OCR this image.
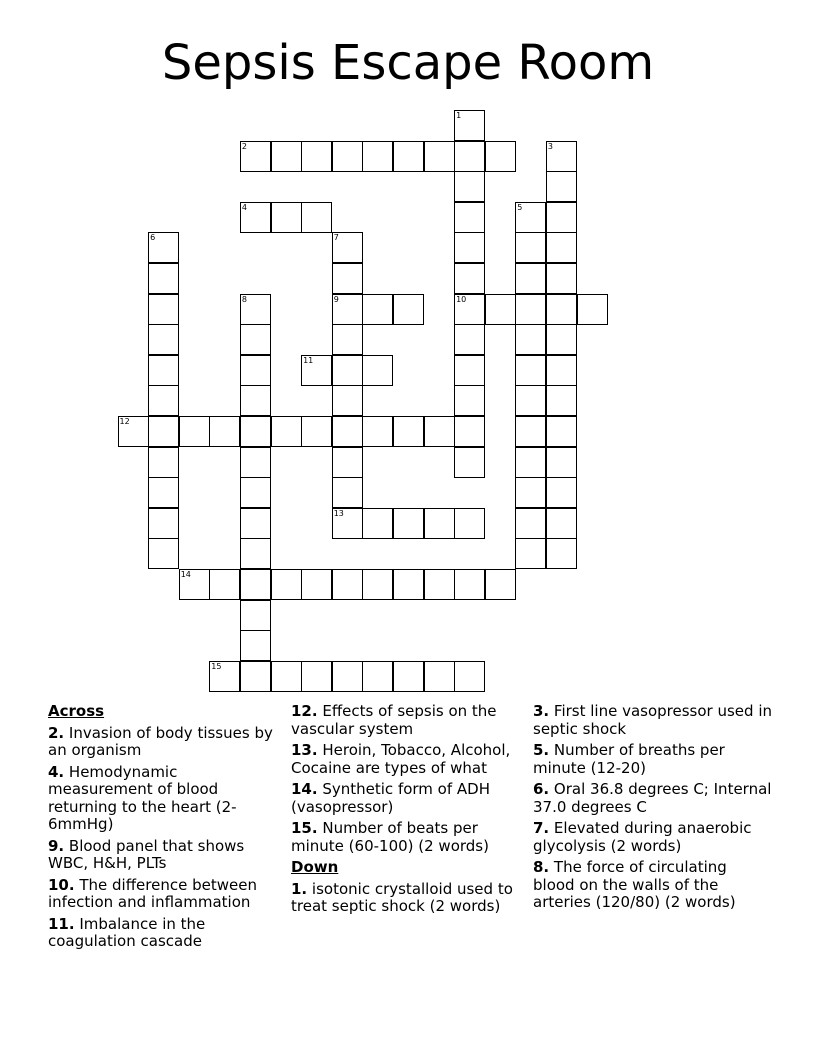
Sepsis Escape Room
1
2	3
4	5
6	7
8	9	10
11
12
13
14
15
Across
2. Invasion of body tissues by an organism
4. Hemodynamic measurement of blood returning to the heart (2-6mmHg)
9. Blood panel that shows WBC, H&H, PLTs
10. The difference between infection and inflammation
11. Imbalance in the coagulation cascade
12. Effects of sepsis on the vascular system
13. Heroin, Tobacco, Alcohol, Cocaine are types of what
14. Synthetic form of ADH (vasopressor)
15. Number of beats per minute (60-100) (2 words)
Down
1. isotonic crystalloid used to treat septic shock (2 words)
3. First line vasopressor used in septic shock
5. Number of breaths per minute (12-20)
6. Oral 36.8 degrees C; Internal 37.0 degrees C
7. Elevated during anaerobic glycolysis (2 words)
8. The force of circulating blood on the walls of the arteries (120/80) (2 words)
